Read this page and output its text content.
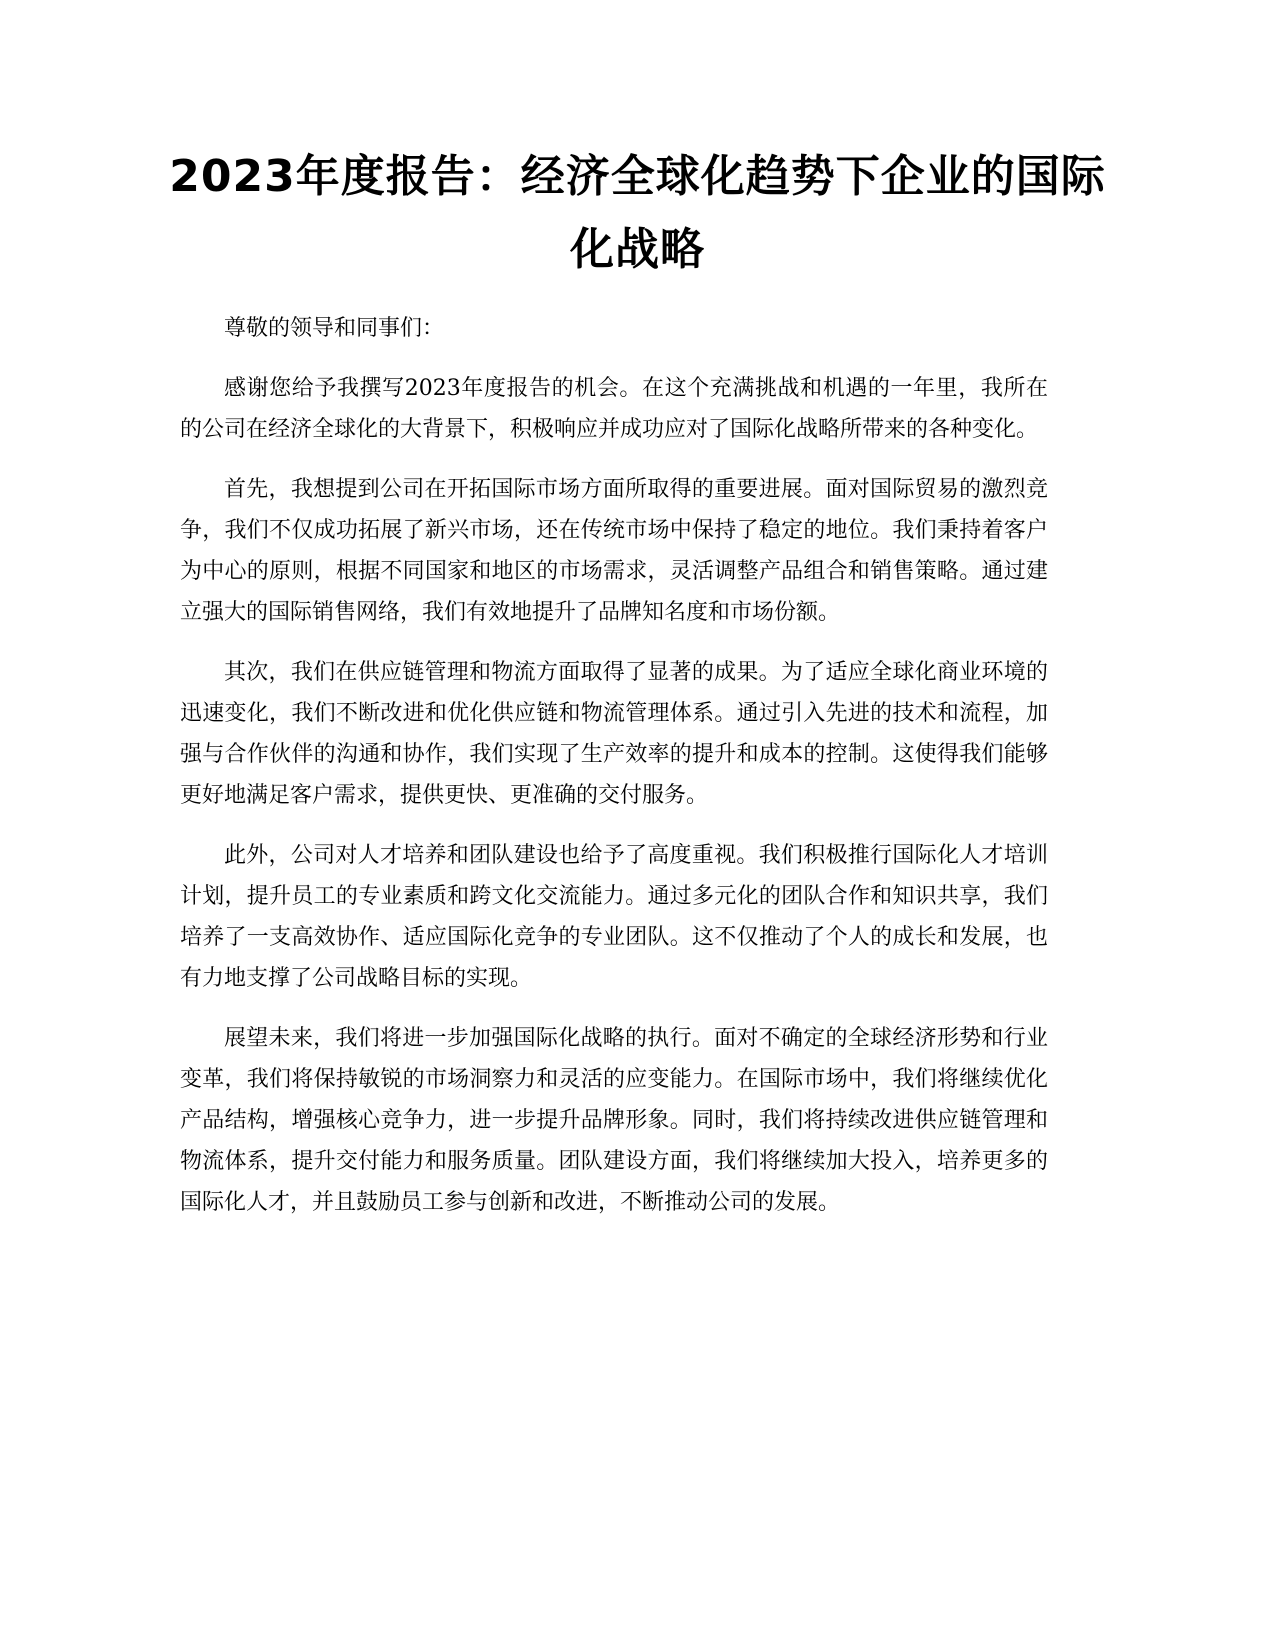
2023年度报告：经济全球化趋势下企业的国际化战略

尊敬的领导和同事们：

感谢您给予我撰写2023年度报告的机会。在这个充满挑战和机遇的一年里，我所在的公司在经济全球化的大背景下，积极响应并成功应对了国际化战略所带来的各种变化。

首先，我想提到公司在开拓国际市场方面所取得的重要进展。面对国际贸易的激烈竞争，我们不仅成功拓展了新兴市场，还在传统市场中保持了稳定的地位。我们秉持着客户为中心的原则，根据不同国家和地区的市场需求，灵活调整产品组合和销售策略。通过建立强大的国际销售网络，我们有效地提升了品牌知名度和市场份额。

其次，我们在供应链管理和物流方面取得了显著的成果。为了适应全球化商业环境的迅速变化，我们不断改进和优化供应链和物流管理体系。通过引入先进的技术和流程，加强与合作伙伴的沟通和协作，我们实现了生产效率的提升和成本的控制。这使得我们能够更好地满足客户需求，提供更快、更准确的交付服务。

此外，公司对人才培养和团队建设也给予了高度重视。我们积极推行国际化人才培训计划，提升员工的专业素质和跨文化交流能力。通过多元化的团队合作和知识共享，我们培养了一支高效协作、适应国际化竞争的专业团队。这不仅推动了个人的成长和发展，也有力地支撑了公司战略目标的实现。

展望未来，我们将进一步加强国际化战略的执行。面对不确定的全球经济形势和行业变革，我们将保持敏锐的市场洞察力和灵活的应变能力。在国际市场中，我们将继续优化产品结构，增强核心竞争力，进一步提升品牌形象。同时，我们将持续改进供应链管理和物流体系，提升交付能力和服务质量。团队建设方面，我们将继续加大投入，培养更多的国际化人才，并且鼓励员工参与创新和改进，不断推动公司的发展。
